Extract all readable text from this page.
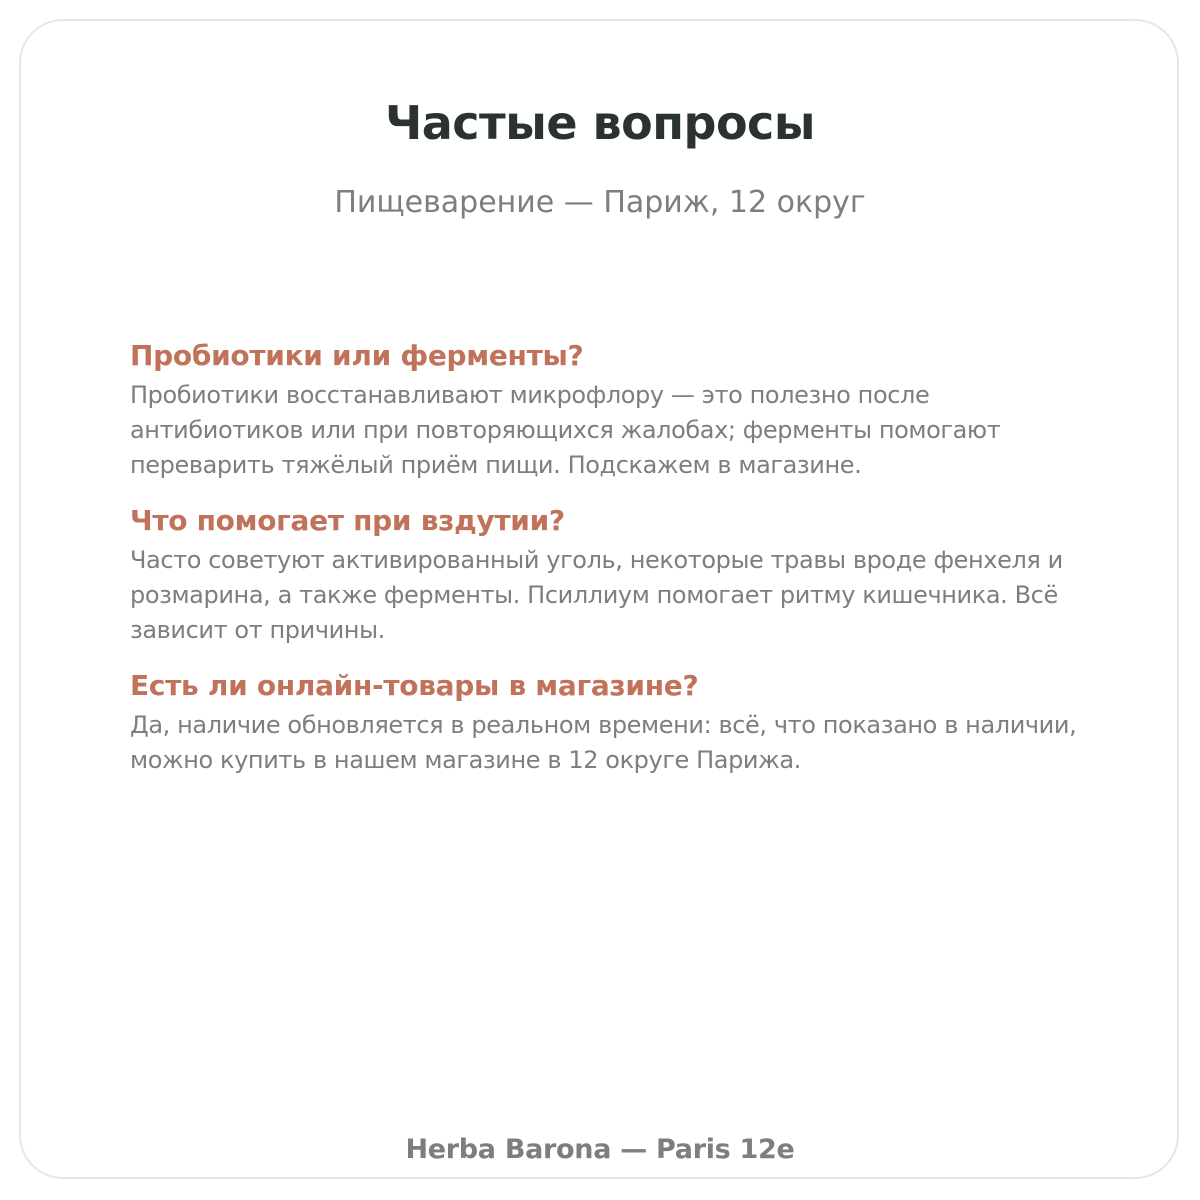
Частые вопросы
Пищеварение — Париж, 12 округ
Пробиотики или ферменты?

Пробиотики восстанавливают микрофлору — это полезно после антибиотиков или при повторяющихся жалобах; ферменты помогают переварить тяжёлый приём пищи. Подскажем в магазине.

Что помогает при вздутии?

Часто советуют активированный уголь, некоторые травы вроде фенхеля и розмарина, а также ферменты. Псиллиум помогает ритму кишечника. Всё зависит от причины.

Есть ли онлайн-товары в магазине?

Да, наличие обновляется в реальном времени: всё, что показано в наличии, можно купить в нашем магазине в 12 округе Парижа.

Herba Barona — Paris 12e
